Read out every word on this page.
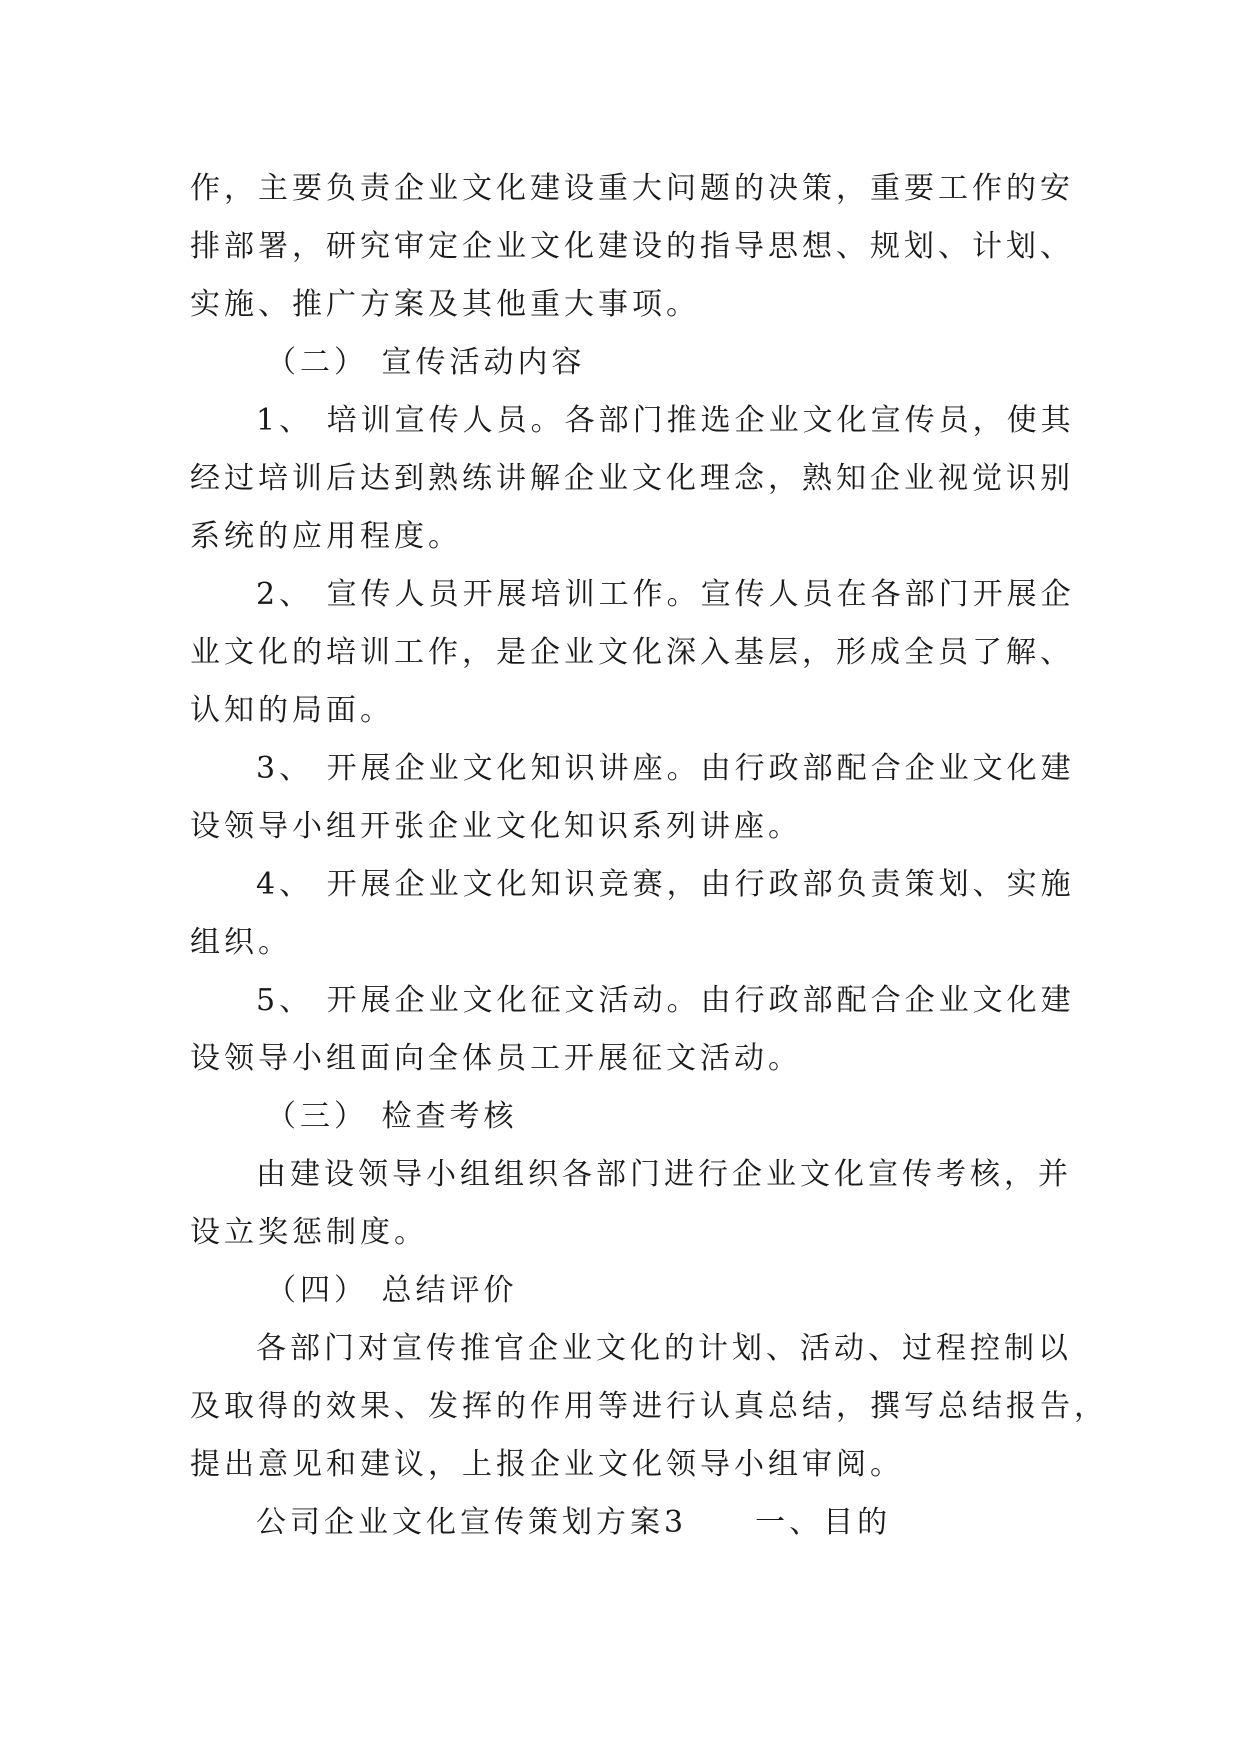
作，主要负责企业文化建设重大问题的决策，重要工作的安
排部署，研究审定企业文化建设的指导思想、规划、计划、
实施、推广方案及其他重大事项。
（二） 宣传活动内容
1、 培训宣传人员。各部门推选企业文化宣传员，使其
经过培训后达到熟练讲解企业文化理念，熟知企业视觉识别
系统的应用程度。
2、 宣传人员开展培训工作。宣传人员在各部门开展企
业文化的培训工作，是企业文化深入基层，形成全员了解、
认知的局面。
3、 开展企业文化知识讲座。由行政部配合企业文化建
设领导小组开张企业文化知识系列讲座。
4、 开展企业文化知识竞赛，由行政部负责策划、实施
组织。
5、 开展企业文化征文活动。由行政部配合企业文化建
设领导小组面向全体员工开展征文活动。
（三） 检查考核
由建设领导小组组织各部门进行企业文化宣传考核，并
设立奖惩制度。
（四） 总结评价
各部门对宣传推官企业文化的计划、活动、过程控制以
及取得的效果、发挥的作用等进行认真总结，撰写总结报告，
提出意见和建议，上报企业文化领导小组审阅。
公司企业文化宣传策划方案3　　一、目的
